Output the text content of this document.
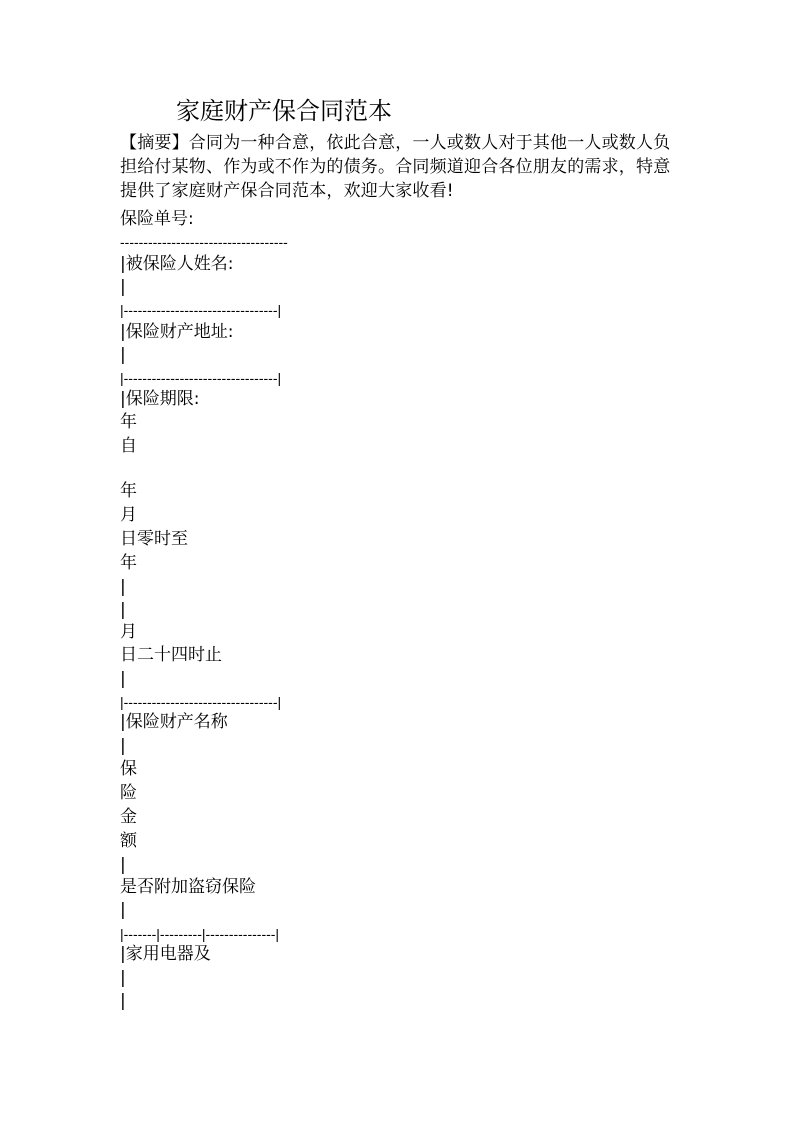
家庭财产保合同范本
【摘要】合同为一种合意，依此合意，一人或数人对于其他一人或数人负担给付某物、作为或不作为的债务。合同频道迎合各位朋友的需求，特意提供了家庭财产保合同范本，欢迎大家收看!
保险单号:
------------------------------------
|被保险人姓名:
|
|---------------------------------|
|保险财产地址:
|
|---------------------------------|
|保险期限:
年
自
年
月
日零时至
年
|
|
月
日二十四时止
|
|---------------------------------|
|保险财产名称
|
保
险
金
额
|
是否附加盗窃保险
|
|-------|---------|---------------|
|家用电器及
|
|
